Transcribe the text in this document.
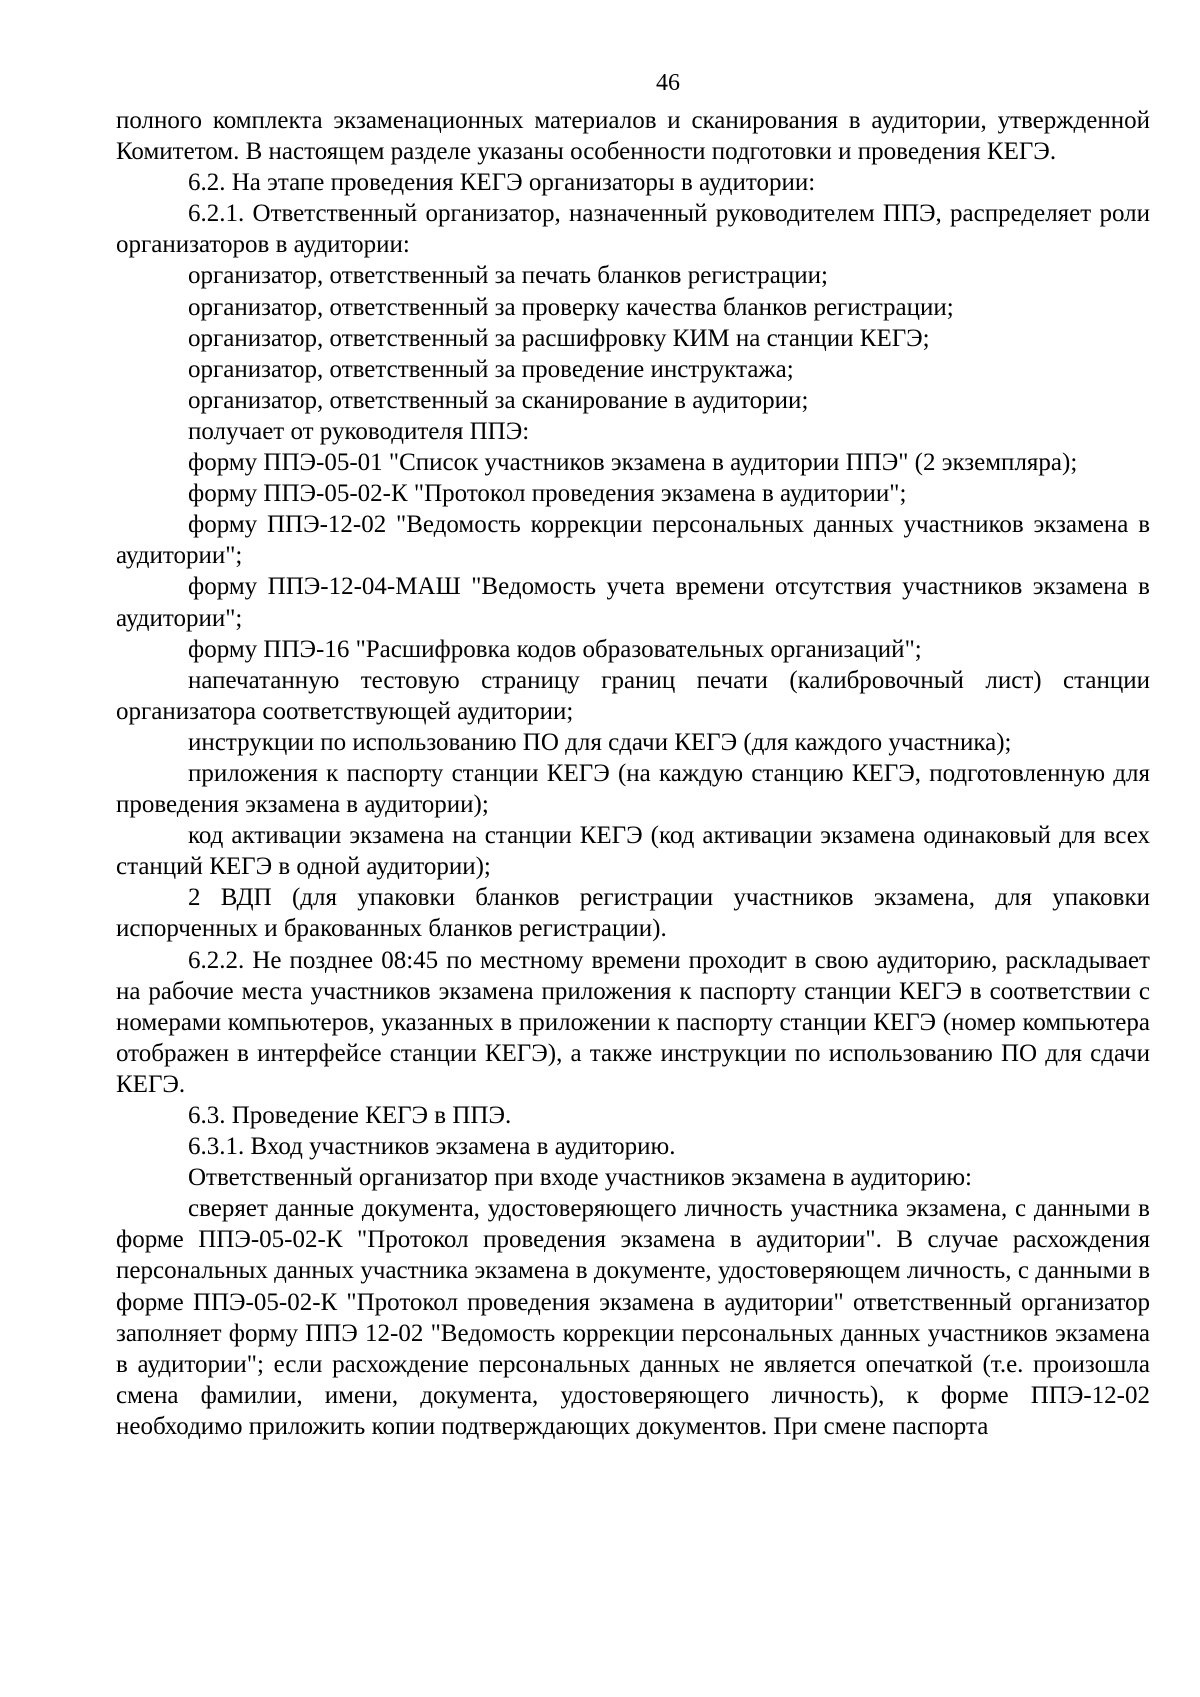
46

полного комплекта экзаменационных материалов и сканирования в аудитории, утвержденной Комитетом. В настоящем разделе указаны особенности подготовки и проведения КЕГЭ.

6.2. На этапе проведения КЕГЭ организаторы в аудитории:

6.2.1. Ответственный организатор, назначенный руководителем ППЭ, распределяет роли организаторов в аудитории:

организатор, ответственный за печать бланков регистрации;

организатор, ответственный за проверку качества бланков регистрации;

организатор, ответственный за расшифровку КИМ на станции КЕГЭ;

организатор, ответственный за проведение инструктажа;

организатор, ответственный за сканирование в аудитории;

получает от руководителя ППЭ:

форму ППЭ-05-01 "Список участников экзамена в аудитории ППЭ" (2 экземпляра);

форму ППЭ-05-02-К "Протокол проведения экзамена в аудитории";

форму ППЭ-12-02 "Ведомость коррекции персональных данных участников экзамена в аудитории";

форму ППЭ-12-04-МАШ "Ведомость учета времени отсутствия участников экзамена в аудитории";

форму ППЭ-16 "Расшифровка кодов образовательных организаций";

напечатанную тестовую страницу границ печати (калибровочный лист) станции организатора соответствующей аудитории;

инструкции по использованию ПО для сдачи КЕГЭ (для каждого участника);

приложения к паспорту станции КЕГЭ (на каждую станцию КЕГЭ, подготовленную для проведения экзамена в аудитории);

код активации экзамена на станции КЕГЭ (код активации экзамена одинаковый для всех станций КЕГЭ в одной аудитории);

2 ВДП (для упаковки бланков регистрации участников экзамена, для упаковки испорченных и бракованных бланков регистрации).

6.2.2. Не позднее 08:45 по местному времени проходит в свою аудиторию, раскладывает на рабочие места участников экзамена приложения к паспорту станции КЕГЭ в соответствии с номерами компьютеров, указанных в приложении к паспорту станции КЕГЭ (номер компьютера отображен в интерфейсе станции КЕГЭ), а также инструкции по использованию ПО для сдачи КЕГЭ.

6.3. Проведение КЕГЭ в ППЭ.

6.3.1. Вход участников экзамена в аудиторию.

Ответственный организатор при входе участников экзамена в аудиторию:

сверяет данные документа, удостоверяющего личность участника экзамена, с данными в форме ППЭ-05-02-К "Протокол проведения экзамена в аудитории". В случае расхождения персональных данных участника экзамена в документе, удостоверяющем личность, с данными в форме ППЭ-05-02-К "Протокол проведения экзамена в аудитории" ответственный организатор заполняет форму ППЭ 12-02 "Ведомость коррекции персональных данных участников экзамена в аудитории"; если расхождение персональных данных не является опечаткой (т.е. произошла смена фамилии, имени, документа, удостоверяющего личность), к форме ППЭ-12-02 необходимо приложить копии подтверждающих документов. При смене паспорта
